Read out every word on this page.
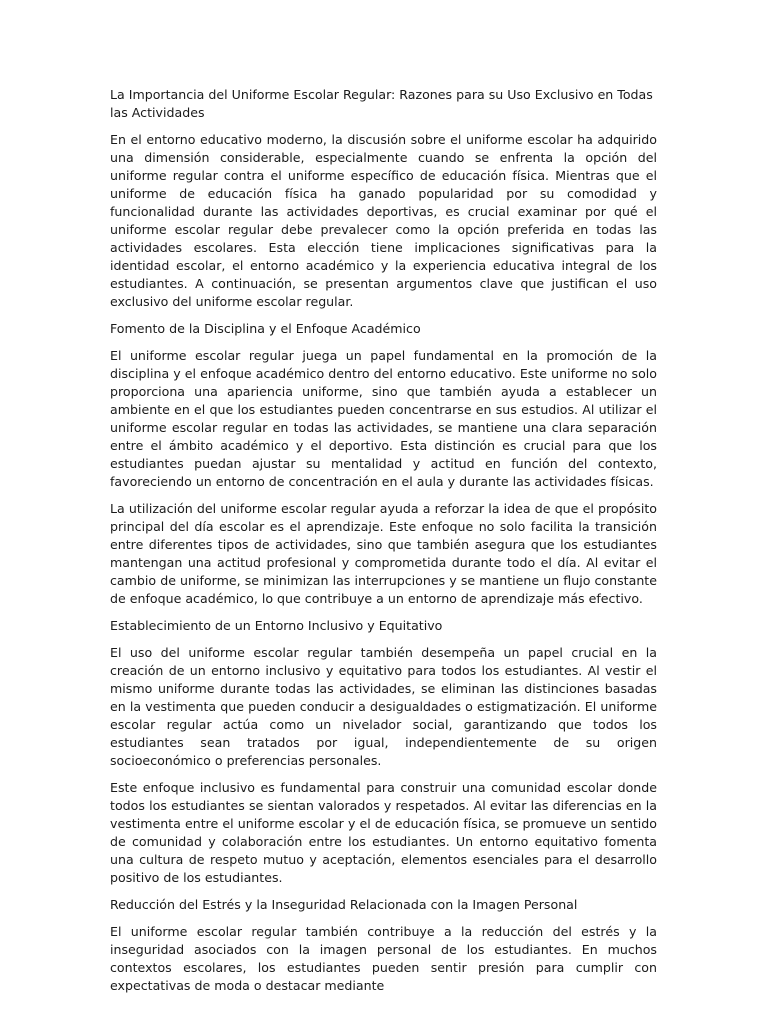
La Importancia del Uniforme Escolar Regular: Razones para su Uso Exclusivo en Todas las Actividades

En el entorno educativo moderno, la discusión sobre el uniforme escolar ha adquirido una dimensión considerable, especialmente cuando se enfrenta la opción del uniforme regular contra el uniforme específico de educación física. Mientras que el uniforme de educación física ha ganado popularidad por su comodidad y funcionalidad durante las actividades deportivas, es crucial examinar por qué el uniforme escolar regular debe prevalecer como la opción preferida en todas las actividades escolares. Esta elección tiene implicaciones significativas para la identidad escolar, el entorno académico y la experiencia educativa integral de los estudiantes. A continuación, se presentan argumentos clave que justifican el uso exclusivo del uniforme escolar regular.

Fomento de la Disciplina y el Enfoque Académico

El uniforme escolar regular juega un papel fundamental en la promoción de la disciplina y el enfoque académico dentro del entorno educativo. Este uniforme no solo proporciona una apariencia uniforme, sino que también ayuda a establecer un ambiente en el que los estudiantes pueden concentrarse en sus estudios. Al utilizar el uniforme escolar regular en todas las actividades, se mantiene una clara separación entre el ámbito académico y el deportivo. Esta distinción es crucial para que los estudiantes puedan ajustar su mentalidad y actitud en función del contexto, favoreciendo un entorno de concentración en el aula y durante las actividades físicas.

La utilización del uniforme escolar regular ayuda a reforzar la idea de que el propósito principal del día escolar es el aprendizaje. Este enfoque no solo facilita la transición entre diferentes tipos de actividades, sino que también asegura que los estudiantes mantengan una actitud profesional y comprometida durante todo el día. Al evitar el cambio de uniforme, se minimizan las interrupciones y se mantiene un flujo constante de enfoque académico, lo que contribuye a un entorno de aprendizaje más efectivo.

Establecimiento de un Entorno Inclusivo y Equitativo

El uso del uniforme escolar regular también desempeña un papel crucial en la creación de un entorno inclusivo y equitativo para todos los estudiantes. Al vestir el mismo uniforme durante todas las actividades, se eliminan las distinciones basadas en la vestimenta que pueden conducir a desigualdades o estigmatización. El uniforme escolar regular actúa como un nivelador social, garantizando que todos los estudiantes sean tratados por igual, independientemente de su origen socioeconómico o preferencias personales.

Este enfoque inclusivo es fundamental para construir una comunidad escolar donde todos los estudiantes se sientan valorados y respetados. Al evitar las diferencias en la vestimenta entre el uniforme escolar y el de educación física, se promueve un sentido de comunidad y colaboración entre los estudiantes. Un entorno equitativo fomenta una cultura de respeto mutuo y aceptación, elementos esenciales para el desarrollo positivo de los estudiantes.

Reducción del Estrés y la Inseguridad Relacionada con la Imagen Personal

El uniforme escolar regular también contribuye a la reducción del estrés y la inseguridad asociados con la imagen personal de los estudiantes. En muchos contextos escolares, los estudiantes pueden sentir presión para cumplir con expectativas de moda o destacar mediante
